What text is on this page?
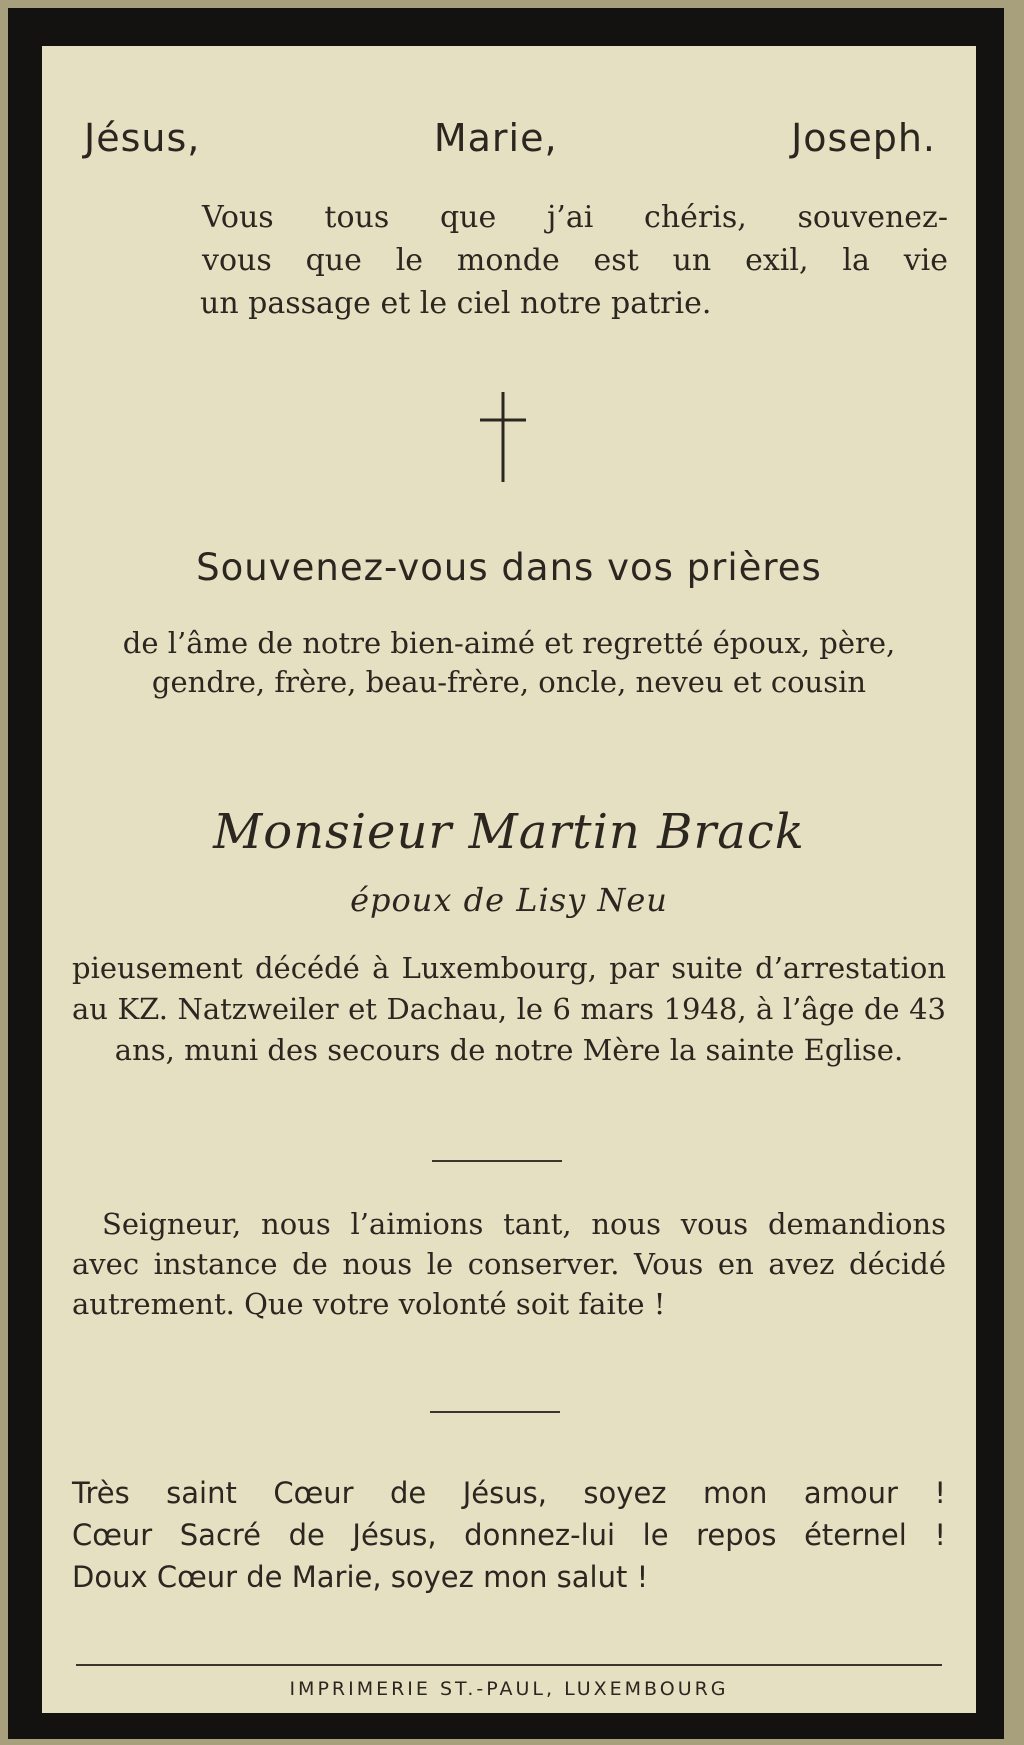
Jésus,	Marie,	Joseph.

Vous tous que j’ai chéris, souvenez-
vous que le monde est un exil, la vie
un passage et le ciel notre patrie.

Souvenez-vous dans vos prières

de l’âme de notre bien-aimé et regretté époux, père, gendre, frère, beau-frère, oncle, neveu et cousin

Monsieur Martin Brack
époux de Lisy Neu

pieusement décédé à Luxembourg, par suite d’arrestation au KZ. Natzweiler et Dachau, le 6 mars 1948, à l’âge de 43 ans, muni des secours de notre Mère la sainte Eglise.

Seigneur, nous l’aimions tant, nous vous demandions avec instance de nous le conserver. Vous en avez décidé autrement. Que votre volonté soit faite !

Très saint Cœur de Jésus, soyez mon amour !
Cœur Sacré de Jésus, donnez-lui le repos éternel !
Doux Cœur de Marie, soyez mon salut !
IMPRIMERIE ST.-PAUL, LUXEMBOURG
